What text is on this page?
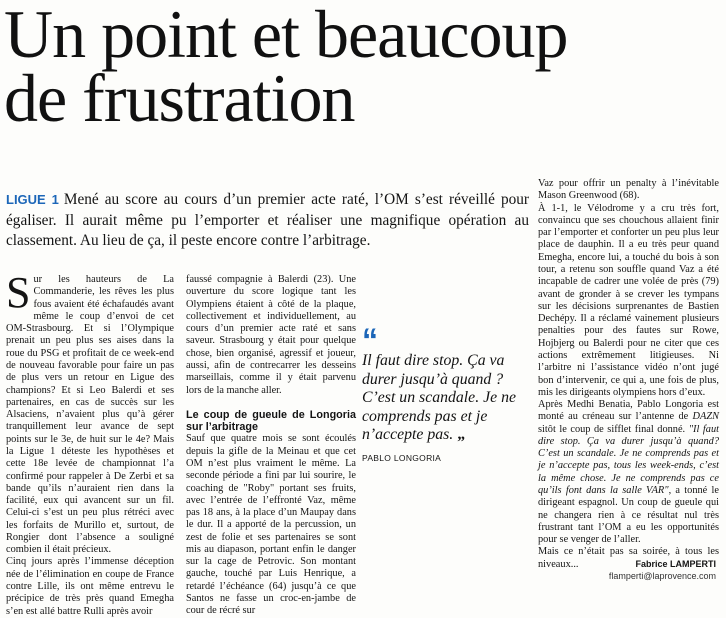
Un point et beaucoup
de frustration
LIGUE 1 Mené au score au cours d’un premier acte raté, l’OM s’est réveillé pour égaliser. Il aurait même pu l’emporter et réaliser une magnifique opération au classement. Au lieu de ça, il peste encore contre l’arbitrage.

Sur les hauteurs de La Commanderie, les rêves les plus fous avaient été échafaudés avant même le coup d’envoi de cet OM-Strasbourg. Et si l’Olympique prenait un peu plus ses aises dans la roue du PSG et profitait de ce week-end de nouveau favorable pour faire un pas de plus vers un retour en Ligue des champions? Et si Leo Balerdi et ses partenaires, en cas de succès sur les Alsaciens, n’avaient plus qu’à gérer tranquillement leur avance de sept points sur le 3e, de huit sur le 4e? Mais la Ligue 1 déteste les hypothèses et cette 18e levée de championnat l’a confirmé pour rappeler à De Zerbi et sa bande qu’ils n’auraient rien dans la facilité, eux qui avancent sur un fil. Celui-ci s’est un peu plus rétréci avec les forfaits de Murillo et, surtout, de Rongier dont l’absence a souligné combien il était précieux.

Cinq jours après l’immense déception née de l’élimination en coupe de France contre Lille, ils ont même entrevu le précipice de très près quand Emegha s’en est allé battre Rulli après avoir

faussé compagnie à Balerdi (23). Une ouverture du score logique tant les Olympiens étaient à côté de la plaque, collectivement et individuellement, au cours d’un premier acte raté et sans saveur. Strasbourg y était pour quelque chose, bien organisé, agressif et joueur, aussi, afin de contrecarrer les desseins marseillais, comme il y était parvenu lors de la manche aller.

Le coup de gueule de Longoria sur l’arbitrage

Sauf que quatre mois se sont écoulés depuis la gifle de la Meinau et que cet OM n’est plus vraiment le même. La seconde période a fini par lui sourire, le coaching de "Roby" portant ses fruits, avec l’entrée de l’effronté Vaz, même pas 18 ans, à la place d’un Maupay dans le dur. Il a apporté de la percussion, un zest de folie et ses partenaires se sont mis au diapason, portant enfin le danger sur la cage de Petrovic. Son montant gauche, touché par Luis Henrique, a retardé l’échéance (64) jusqu’à ce que Santos ne fasse un croc-en-jambe de cour de récré sur

“
Il faut dire stop. Ça va durer jusqu’à quand ? C’est un scandale. Je ne comprends pas et je n’accepte pas. „
PABLO LONGORIA

Vaz pour offrir un penalty à l’inévitable Mason Greenwood (68).

À 1-1, le Vélodrome y a cru très fort, convaincu que ses chouchous allaient finir par l’emporter et conforter un peu plus leur place de dauphin. Il a eu très peur quand Emegha, encore lui, a touché du bois à son tour, a retenu son souffle quand Vaz a été incapable de cadrer une volée de près (79) avant de gronder à se crever les tympans sur les décisions surprenantes de Bastien Dechépy. Il a réclamé vainement plusieurs penalties pour des fautes sur Rowe, Hojbjerg ou Balerdi pour ne citer que ces actions extrêmement litigieuses. Ni l’arbitre ni l’assistance vidéo n’ont jugé bon d’intervenir, ce qui a, une fois de plus, mis les dirigeants olympiens hors d’eux.

Après Medhi Benatia, Pablo Longoria est monté au créneau sur l’antenne de DAZN sitôt le coup de sifflet final donné. "Il faut dire stop. Ça va durer jusqu’à quand? C’est un scandale. Je ne comprends pas et je n’accepte pas, tous les week-ends, c’est la même chose. Je ne comprends pas ce qu’ils font dans la salle VAR", a tonné le dirigeant espagnol. Un coup de gueule qui ne changera rien à ce résultat nul très frustrant tant l’OM a eu les opportunités pour se venger de l’aller.

Mais ce n’était pas sa soirée, à tous les niveaux...	Fabrice LAMPERTI
flamperti@laprovence.com
